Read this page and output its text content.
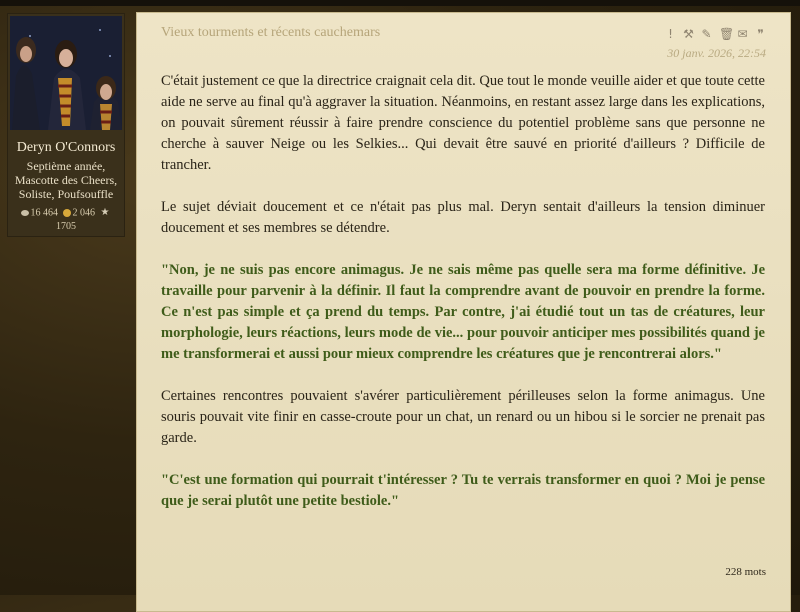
Deryn O'Connors
Septième année,
Mascotte des Cheers,
Soliste, Poufsouffle
16 464 2 046 ★
1705
Vieux tourments et récents cauchemars	! ⚒ ✎ 🗑 ✉ ❞
30 janv. 2026, 22:54

C'était justement ce que la directrice craignait cela dit. Que tout le monde veuille aider et que toute cette aide ne serve au final qu'à aggraver la situation. Néanmoins, en restant assez large dans les explications, on pouvait sûrement réussir à faire prendre conscience du potentiel problème sans que personne ne cherche à sauver Neige ou les Selkies... Qui devait être sauvé en priorité d'ailleurs ? Difficile de trancher.

Le sujet déviait doucement et ce n'était pas plus mal. Deryn sentait d'ailleurs la tension diminuer doucement et ses membres se détendre.

"Non, je ne suis pas encore animagus. Je ne sais même pas quelle sera ma forme définitive. Je travaille pour parvenir à la définir. Il faut la comprendre avant de pouvoir en prendre la forme. Ce n'est pas simple et ça prend du temps. Par contre, j'ai étudié tout un tas de créatures, leur morphologie, leurs réactions, leurs mode de vie... pour pouvoir anticiper mes possibilités quand je me transformerai et aussi pour mieux comprendre les créatures que je rencontrerai alors."

Certaines rencontres pouvaient s'avérer particulièrement périlleuses selon la forme animagus. Une souris pouvait vite finir en casse-croute pour un chat, un renard ou un hibou si le sorcier ne prenait pas garde.

"C'est une formation qui pourrait t'intéresser ? Tu te verrais transformer en quoi ? Moi je pense que je serai plutôt une petite bestiole."

228 mots
